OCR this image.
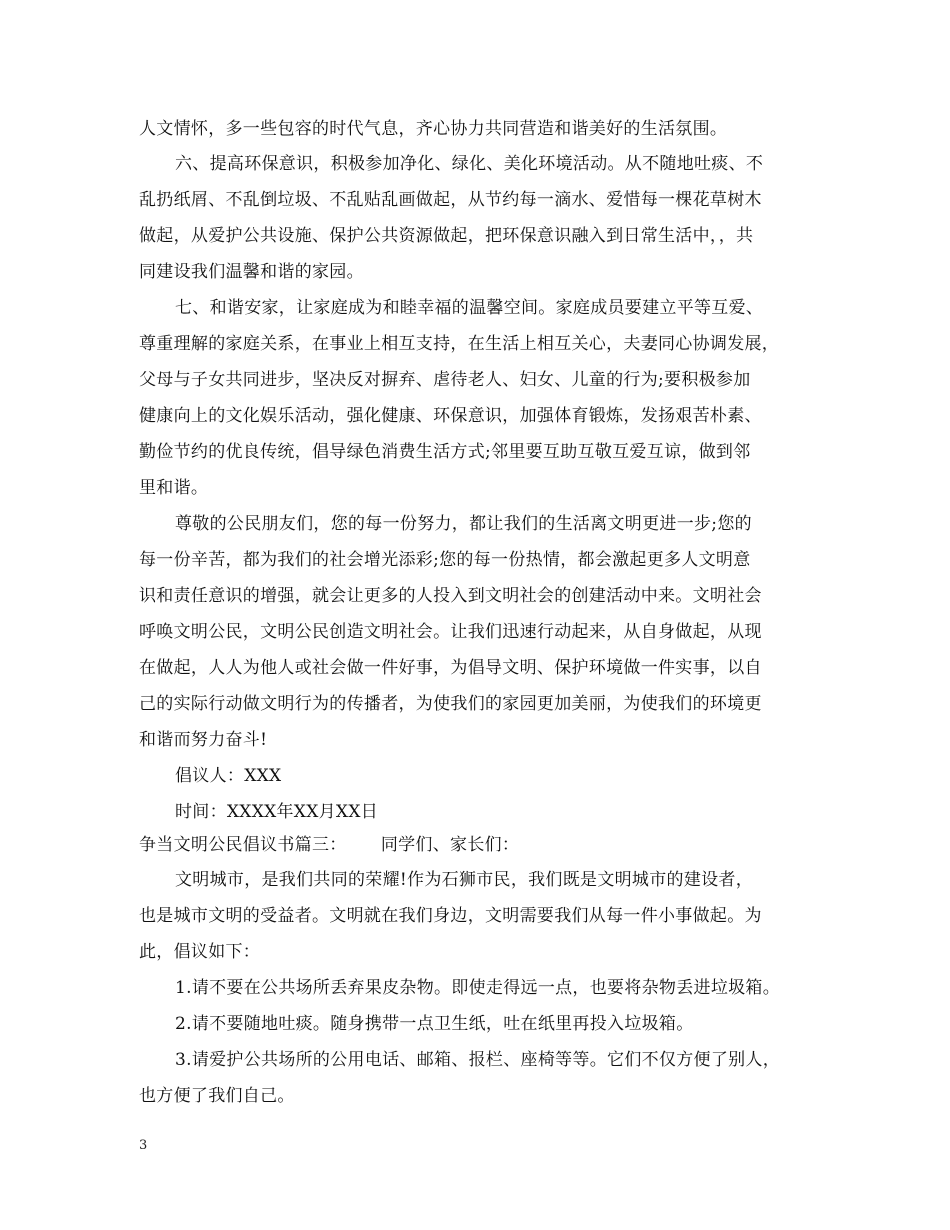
人文情怀，多一些包容的时代气息，齐心协力共同营造和谐美好的生活氛围。
六、提高环保意识，积极参加净化、绿化、美化环境活动。从不随地吐痰、不
乱扔纸屑、不乱倒垃圾、不乱贴乱画做起，从节约每一滴水、爱惜每一棵花草树木
做起，从爱护公共设施、保护公共资源做起，把环保意识融入到日常生活中，，共
同建设我们温馨和谐的家园。
七、和谐安家，让家庭成为和睦幸福的温馨空间。家庭成员要建立平等互爱、
尊重理解的家庭关系，在事业上相互支持，在生活上相互关心，夫妻同心协调发展，
父母与子女共同进步，坚决反对摒弃、虐待老人、妇女、儿童的行为;要积极参加
健康向上的文化娱乐活动，强化健康、环保意识，加强体育锻炼，发扬艰苦朴素、
勤俭节约的优良传统，倡导绿色消费生活方式;邻里要互助互敬互爱互谅，做到邻
里和谐。
尊敬的公民朋友们，您的每一份努力，都让我们的生活离文明更进一步;您的
每一份辛苦，都为我们的社会增光添彩;您的每一份热情，都会激起更多人文明意
识和责任意识的增强，就会让更多的人投入到文明社会的创建活动中来。文明社会
呼唤文明公民，文明公民创造文明社会。让我们迅速行动起来，从自身做起，从现
在做起，人人为他人或社会做一件好事，为倡导文明、保护环境做一件实事，以自
己的实际行动做文明行为的传播者，为使我们的家园更加美丽，为使我们的环境更
和谐而努力奋斗!
倡议人：XXX
时间：XXXX年XX月XX日
争当文明公民倡议书篇三：      同学们、家长们：
文明城市，是我们共同的荣耀!作为石狮市民，我们既是文明城市的建设者，
也是城市文明的受益者。文明就在我们身边，文明需要我们从每一件小事做起。为
此，倡议如下：
1.请不要在公共场所丢弃果皮杂物。即使走得远一点，也要将杂物丢进垃圾箱。
2.请不要随地吐痰。随身携带一点卫生纸，吐在纸里再投入垃圾箱。
3.请爱护公共场所的公用电话、邮箱、报栏、座椅等等。它们不仅方便了别人，
也方便了我们自己。
3
